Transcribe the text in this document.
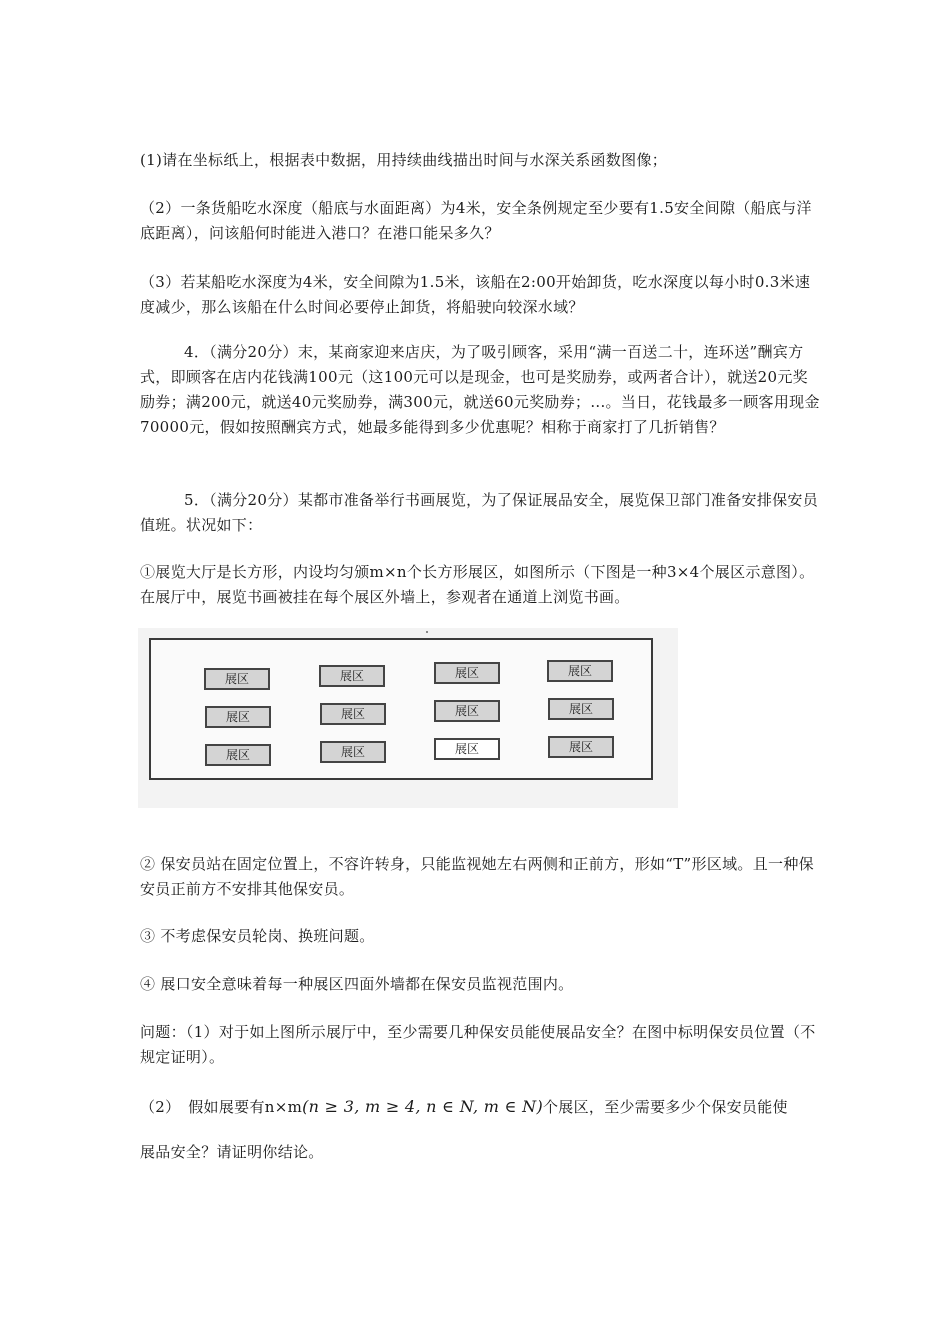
(1)请在坐标纸上，根据表中数据，用持续曲线描出时间与水深关系函数图像；
（2）一条货船吃水深度（船底与水面距离）为4米，安全条例规定至少要有1.5安全间隙（船底与洋底距离），问该船何时能进入港口？在港口能呆多久？
（3）若某船吃水深度为4米，安全间隙为1.5米，该船在2:00开始卸货，吃水深度以每小时0.3米速度减少，那么该船在什么时间必要停止卸货，将船驶向较深水域？
4．（满分20分）末，某商家迎来店庆，为了吸引顾客，采用“满一百送二十，连环送”酬宾方式，即顾客在店内花钱满100元（这100元可以是现金，也可是奖励券，或两者合计），就送20元奖励券；满200元，就送40元奖励券，满300元，就送60元奖励券；...。当日，花钱最多一顾客用现金70000元，假如按照酬宾方式，她最多能得到多少优惠呢？相称于商家打了几折销售？
5．（满分20分）某都市准备举行书画展览，为了保证展品安全，展览保卫部门准备安排保安员值班。状况如下：
①展览大厅是长方形，内设均匀颁m×n个长方形展区，如图所示（下图是一种3×4个展区示意图）。在展厅中，展览书画被挂在每个展区外墙上，参观者在通道上浏览书画。
展区	展区	展区	展区
展区	展区	展区	展区
展区	展区	展区	展区
② 保安员站在固定位置上，不容许转身，只能监视她左右两侧和正前方，形如“T”形区域。且一种保安员正前方不安排其他保安员。
③ 不考虑保安员轮岗、换班问题。
④ 展口安全意味着每一种展区四面外墙都在保安员监视范围内。
问题：（1）对于如上图所示展厅中，至少需要几种保安员能使展品安全？在图中标明保安员位置（不规定证明）。
（2）　假如展要有n×m(n ≥ 3, m ≥ 4, n ∈ N, m ∈ N)个展区，至少需要多少个保安员能使
展品安全？请证明你结论。
